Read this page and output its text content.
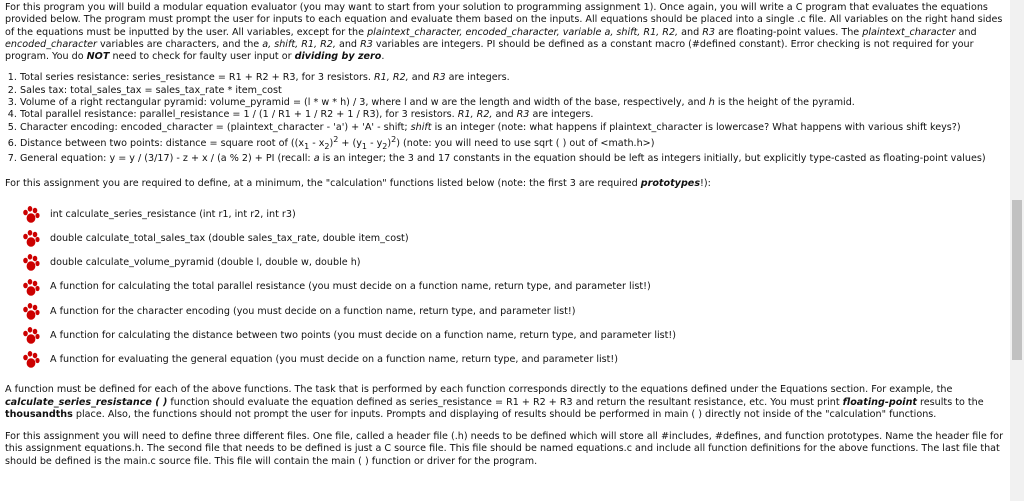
For this program you will build a modular equation evaluator (you may want to start from your solution to programming assignment 1). Once again, you will write a C program that evaluates the equations provided below. The program must prompt the user for inputs to each equation and evaluate them based on the inputs. All equations should be placed into a single .c file. All variables on the right hand sides of the equations must be inputted by the user. All variables, except for the plaintext_character, encoded_character, variable a, shift, R1, R2, and R3 are floating-point values. The plaintext_character and encoded_character variables are characters, and the a, shift, R1, R2, and R3 variables are integers. PI should be defined as a constant macro (#defined constant). Error checking is not required for your program. You do NOT need to check for faulty user input or dividing by zero.

1. Total series resistance: series_resistance = R1 + R2 + R3, for 3 resistors. R1, R2, and R3 are integers.
2. Sales tax: total_sales_tax = sales_tax_rate * item_cost
3. Volume of a right rectangular pyramid: volume_pyramid = (l * w * h) / 3, where l and w are the length and width of the base, respectively, and h is the height of the pyramid.
4. Total parallel resistance: parallel_resistance = 1 / (1 / R1 + 1 / R2 + 1 / R3), for 3 resistors. R1, R2, and R3 are integers.
5. Character encoding: encoded_character = (plaintext_character - 'a') + 'A' - shift; shift is an integer (note: what happens if plaintext_character is lowercase? What happens with various shift keys?)
6. Distance between two points: distance = square root of $((x_1 - x_2)^2 + (y_1 - y_2)^2)$ (note: you will need to use sqrt ( ) out of <math.h>)
7. General equation: y = y / (3/17) - z + x / (a % 2) + PI (recall: a is an integer; the 3 and 17 constants in the equation should be left as integers initially, but explicitly type-casted as floating-point values)

For this assignment you are required to define, at a minimum, the "calculation" functions listed below (note: the first 3 are required prototypes!):

int calculate_series_resistance (int r1, int r2, int r3)
double calculate_total_sales_tax (double sales_tax_rate, double item_cost)
double calculate_volume_pyramid (double l, double w, double h)
A function for calculating the total parallel resistance (you must decide on a function name, return type, and parameter list!)
A function for the character encoding (you must decide on a function name, return type, and parameter list!)
A function for calculating the distance between two points (you must decide on a function name, return type, and parameter list!)
A function for evaluating the general equation (you must decide on a function name, return type, and parameter list!)

A function must be defined for each of the above functions. The task that is performed by each function corresponds directly to the equations defined under the Equations section. For example, the calculate_series_resistance ( ) function should evaluate the equation defined as series_resistance = R1 + R2 + R3 and return the resultant resistance, etc. You must print floating-point results to the thousandths place. Also, the functions should not prompt the user for inputs. Prompts and displaying of results should be performed in main ( ) directly not inside of the "calculation" functions.

For this assignment you will need to define three different files. One file, called a header file (.h) needs to be defined which will store all #includes, #defines, and function prototypes. Name the header file for this assignment equations.h. The second file that needs to be defined is just a C source file. This file should be named equations.c and include all function definitions for the above functions. The last file that should be defined is the main.c source file. This file will contain the main ( ) function or driver for the program.
